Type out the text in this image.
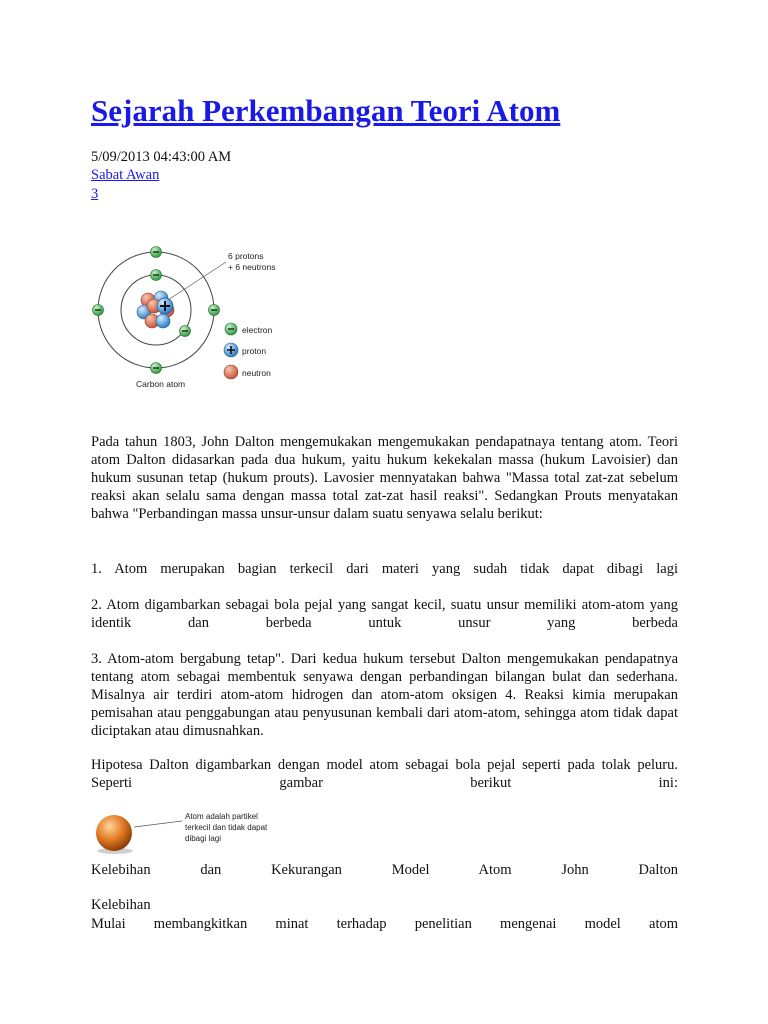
Sejarah Perkembangan Teori Atom
5/09/2013 04:43:00 AM
Sabat Awan
3
6 protons
+ 6 neutrons
electron
proton
neutron
Carbon atom
Pada tahun 1803, John Dalton mengemukakan mengemukakan pendapatnaya tentang atom. Teori atom Dalton didasarkan pada dua hukum, yaitu hukum kekekalan massa (hukum Lavoisier) dan hukum susunan tetap (hukum prouts). Lavosier mennyatakan bahwa "Massa total zat-zat sebelum reaksi akan selalu sama dengan massa total zat-zat hasil reaksi". Sedangkan Prouts menyatakan bahwa "Perbandingan massa unsur-unsur dalam suatu senyawa selalu berikut:
1. Atom merupakan bagian terkecil dari materi yang sudah tidak dapat dibagi lagi
2. Atom digambarkan sebagai bola pejal yang sangat kecil, suatu unsur memiliki atom-atom yang identik dan berbeda untuk unsur yang berbeda
3. Atom-atom bergabung tetap". Dari kedua hukum tersebut Dalton mengemukakan pendapatnya tentang atom sebagai membentuk senyawa dengan perbandingan bilangan bulat dan sederhana. Misalnya air terdiri atom-atom hidrogen dan atom-atom oksigen 4. Reaksi kimia merupakan pemisahan atau penggabungan atau penyusunan kembali dari atom-atom, sehingga atom tidak dapat diciptakan atau dimusnahkan.
Hipotesa Dalton digambarkan dengan model atom sebagai bola pejal seperti pada tolak peluru. Seperti gambar berikut ini:
Atom adalah partikel
terkecil dan tidak dapat
dibagi lagi
Kelebihan dan Kekurangan Model Atom John Dalton
Kelebihan
Mulai membangkitkan minat terhadap penelitian mengenai model atom
